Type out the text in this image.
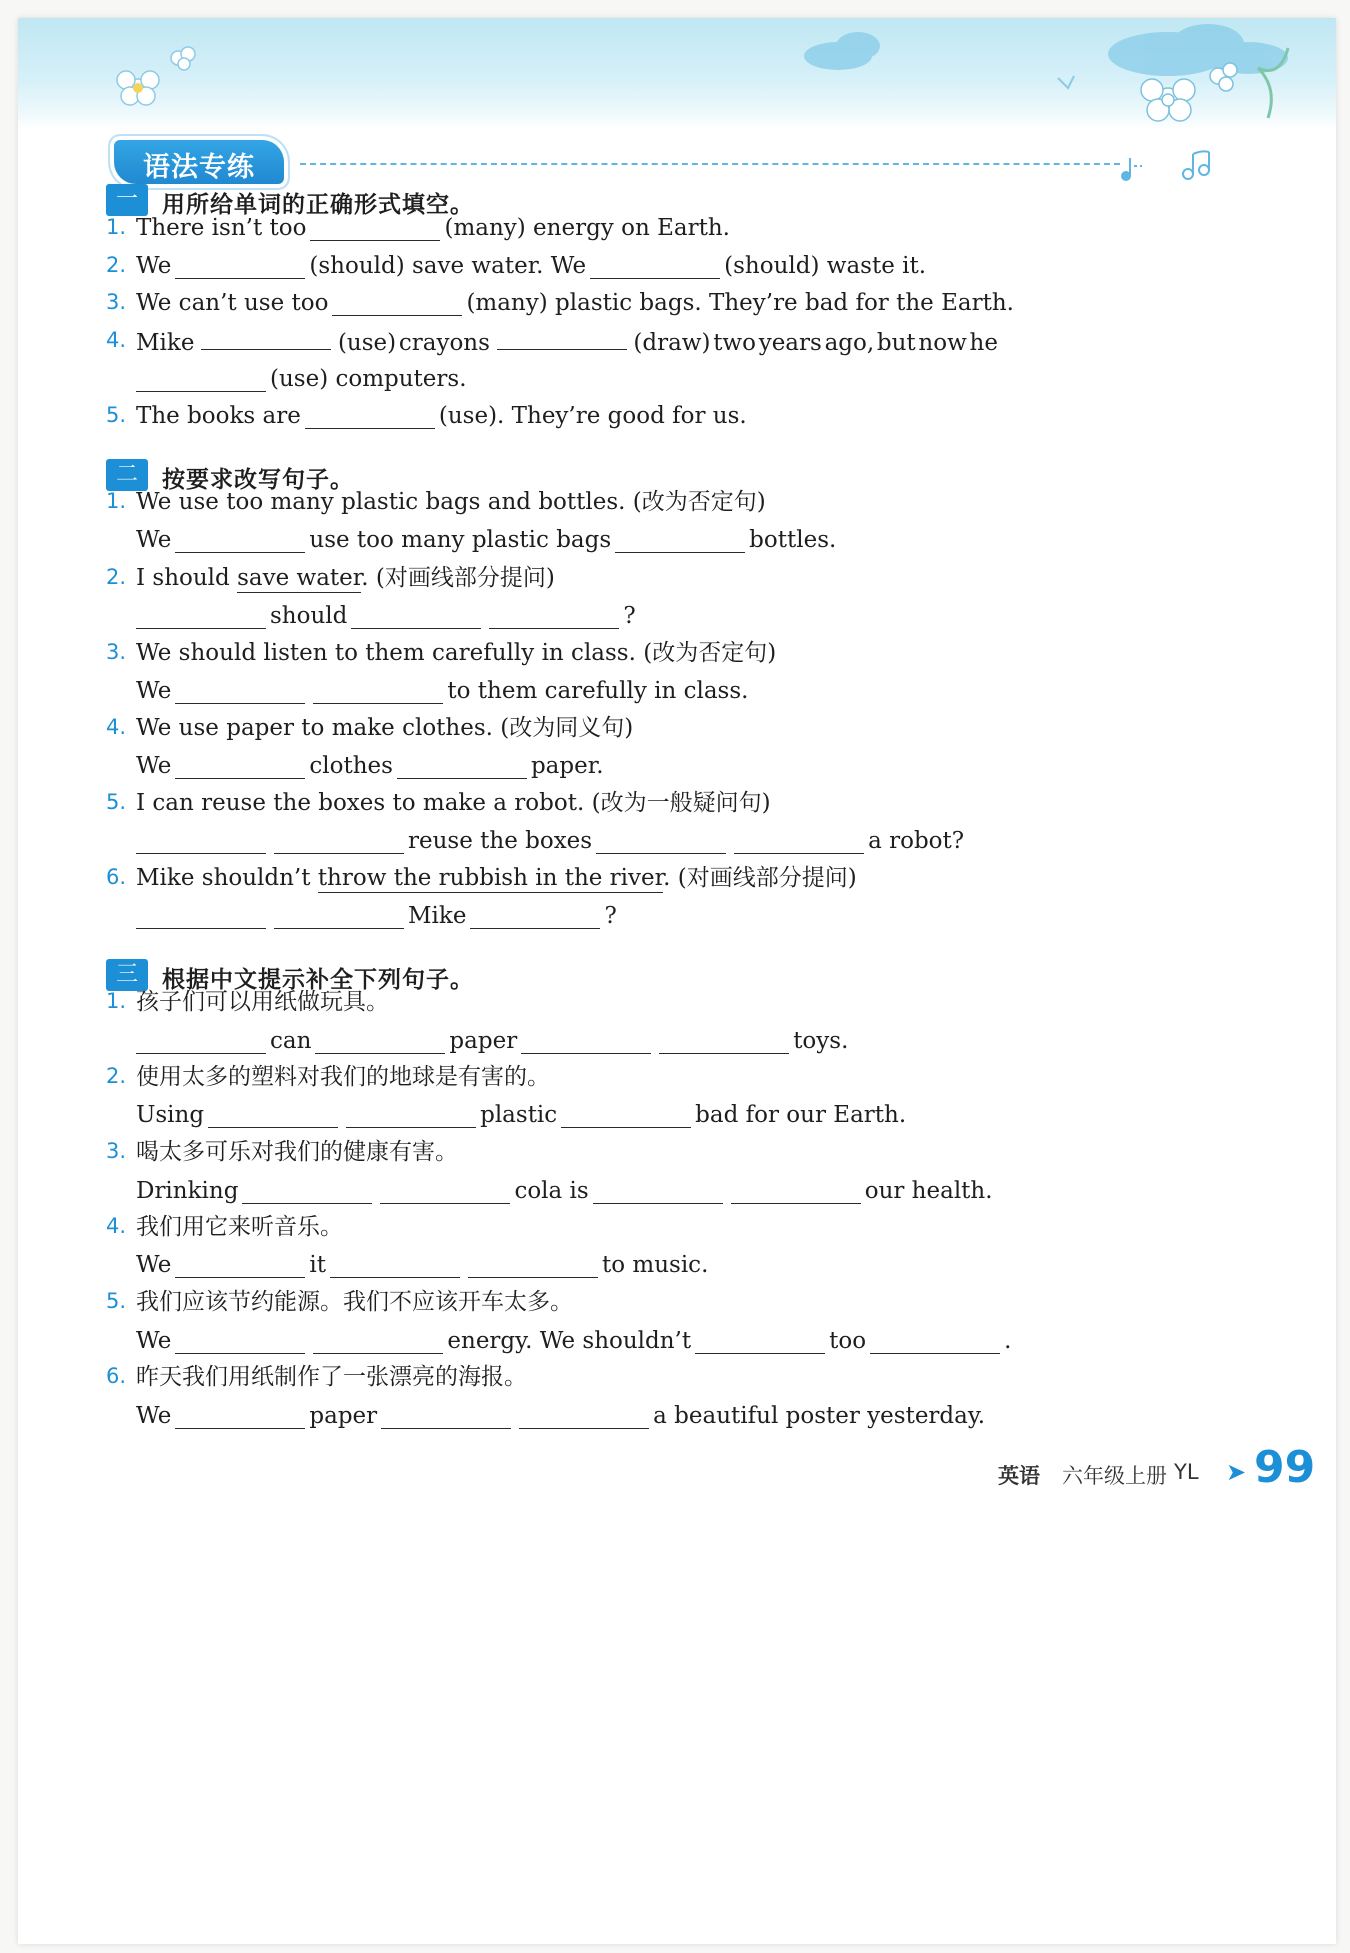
语法专练
一	用所给单词的正确形式填空。
1. There isn’t too	(many) energy on Earth.
2. We	(should) save water. We	(should) waste it.
3. We can’t use too	(many) plastic bags. They’re bad for the Earth.
4. Mike	(use) crayons	(draw) two years ago, but now he
(use) computers.
5. The books are	(use). They’re good for us.
二	按要求改写句子。
1. We use too many plastic bags and bottles. (改为否定句)
We	use too many plastic bags	bottles.
2. I should save water. (对画线部分提问)
should	?
3. We should listen to them carefully in class. (改为否定句)
We	to them carefully in class.
4. We use paper to make clothes. (改为同义句)
We	clothes	paper.
5. I can reuse the boxes to make a robot. (改为一般疑问句)
reuse the boxes	a robot?
6. Mike shouldn’t throw the rubbish in the river. (对画线部分提问)
Mike	?
三	根据中文提示补全下列句子。
1. 孩子们可以用纸做玩具。
can	paper	toys.
2. 使用太多的塑料对我们的地球是有害的。
Using	plastic	bad for our Earth.
3. 喝太多可乐对我们的健康有害。
Drinking	cola is	our health.
4. 我们用它来听音乐。
We	it	to music.
5. 我们应该节约能源。我们不应该开车太多。
We	energy. We shouldn’t	too	.
6. 昨天我们用纸制作了一张漂亮的海报。
We	paper	a beautiful poster yesterday.
英语 六年级上册 YL ➤ 99
